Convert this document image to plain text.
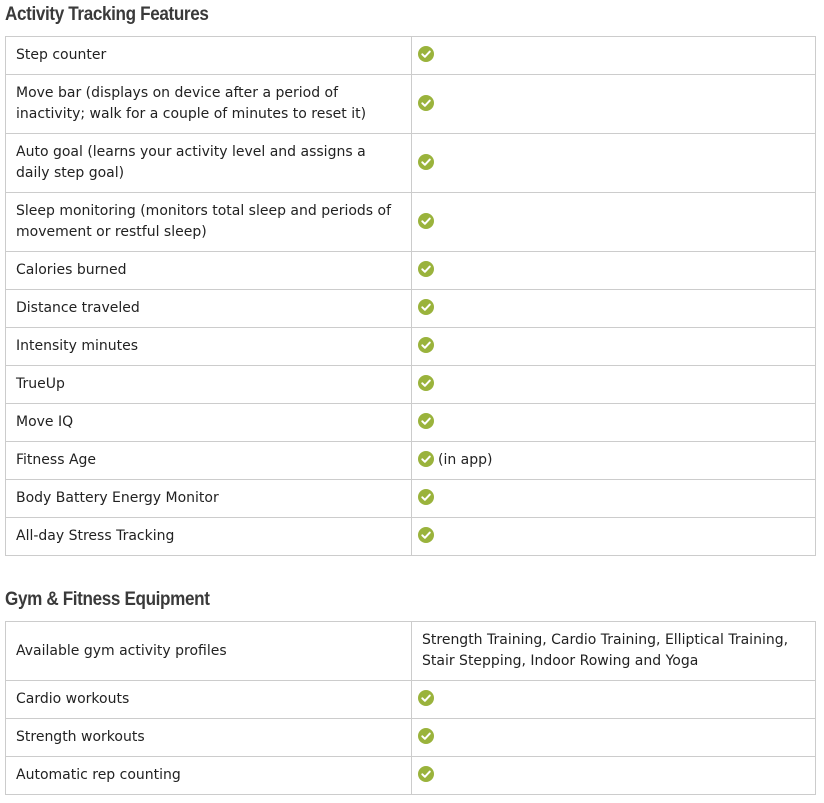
Activity Tracking Features
Step counter	

Move bar (displays on device after a period of inactivity; walk for a couple of minutes to reset it)	

Auto goal (learns your activity level and assigns a daily step goal)	

Sleep monitoring (monitors total sleep and periods of movement or restful sleep)	

Calories burned	

Distance traveled	

Intensity minutes	

TrueUp	

Move IQ	

Fitness Age	(in app)
Body Battery Energy Monitor	

All-day Stress Tracking	
Gym & Fitness Equipment
Available gym activity profiles	Strength Training, Cardio Training, Elliptical Training, Stair Stepping, Indoor Rowing and Yoga

Cardio workouts	

Strength workouts	

Automatic rep counting	
